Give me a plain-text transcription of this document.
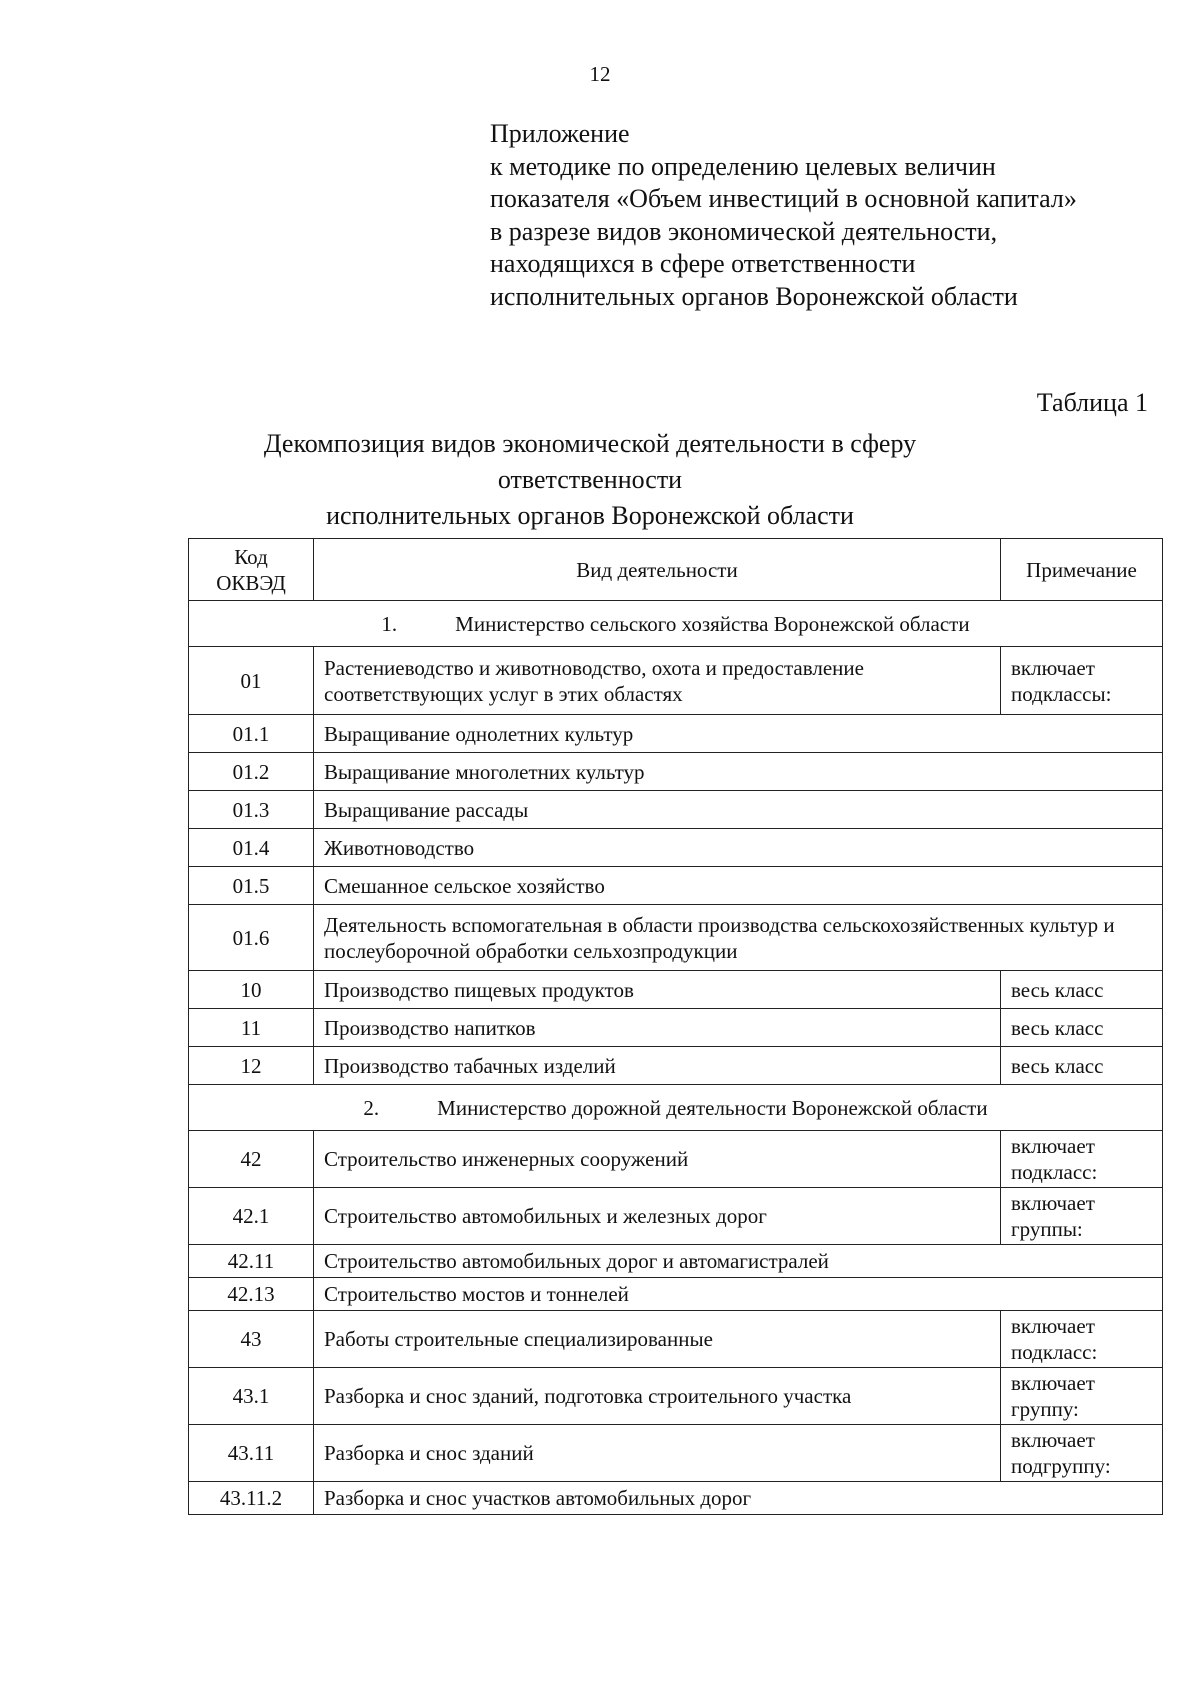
12
Приложение
к методике по определению целевых величин
показателя «Объем инвестиций в основной капитал»
в разрезе видов экономической деятельности,
находящихся в сфере ответственности
исполнительных органов Воронежской области
Таблица 1
Декомпозиция видов экономической деятельности в сферу ответственности
исполнительных органов Воронежской области
Код
ОКВЭД	Вид деятельности	Примечание
1. Министерство сельского хозяйства Воронежской области		
01	Растениеводство и животноводство, охота и предоставление соответствующих услуг в этих областях	включает подклассы:
01.1	Выращивание однолетних культур	
01.2	Выращивание многолетних культур	
01.3	Выращивание рассады	
01.4	Животноводство	
01.5	Смешанное сельское хозяйство	
01.6	Деятельность вспомогательная в области производства сельскохозяйственных культур и послеуборочной обработки сельхозпродукции	
10	Производство пищевых продуктов	весь класс
11	Производство напитков	весь класс
12	Производство табачных изделий	весь класс
2. Министерство дорожной деятельности Воронежской области		
42	Строительство инженерных сооружений	включает подкласс:
42.1	Строительство автомобильных и железных дорог	включает группы:
42.11	Строительство автомобильных дорог и автомагистралей	
42.13	Строительство мостов и тоннелей	
43	Работы строительные специализированные	включает подкласс:
43.1	Разборка и снос зданий, подготовка строительного участка	включает группу:
43.11	Разборка и снос зданий	включает подгруппу:
43.11.2	Разборка и снос участков автомобильных дорог	
